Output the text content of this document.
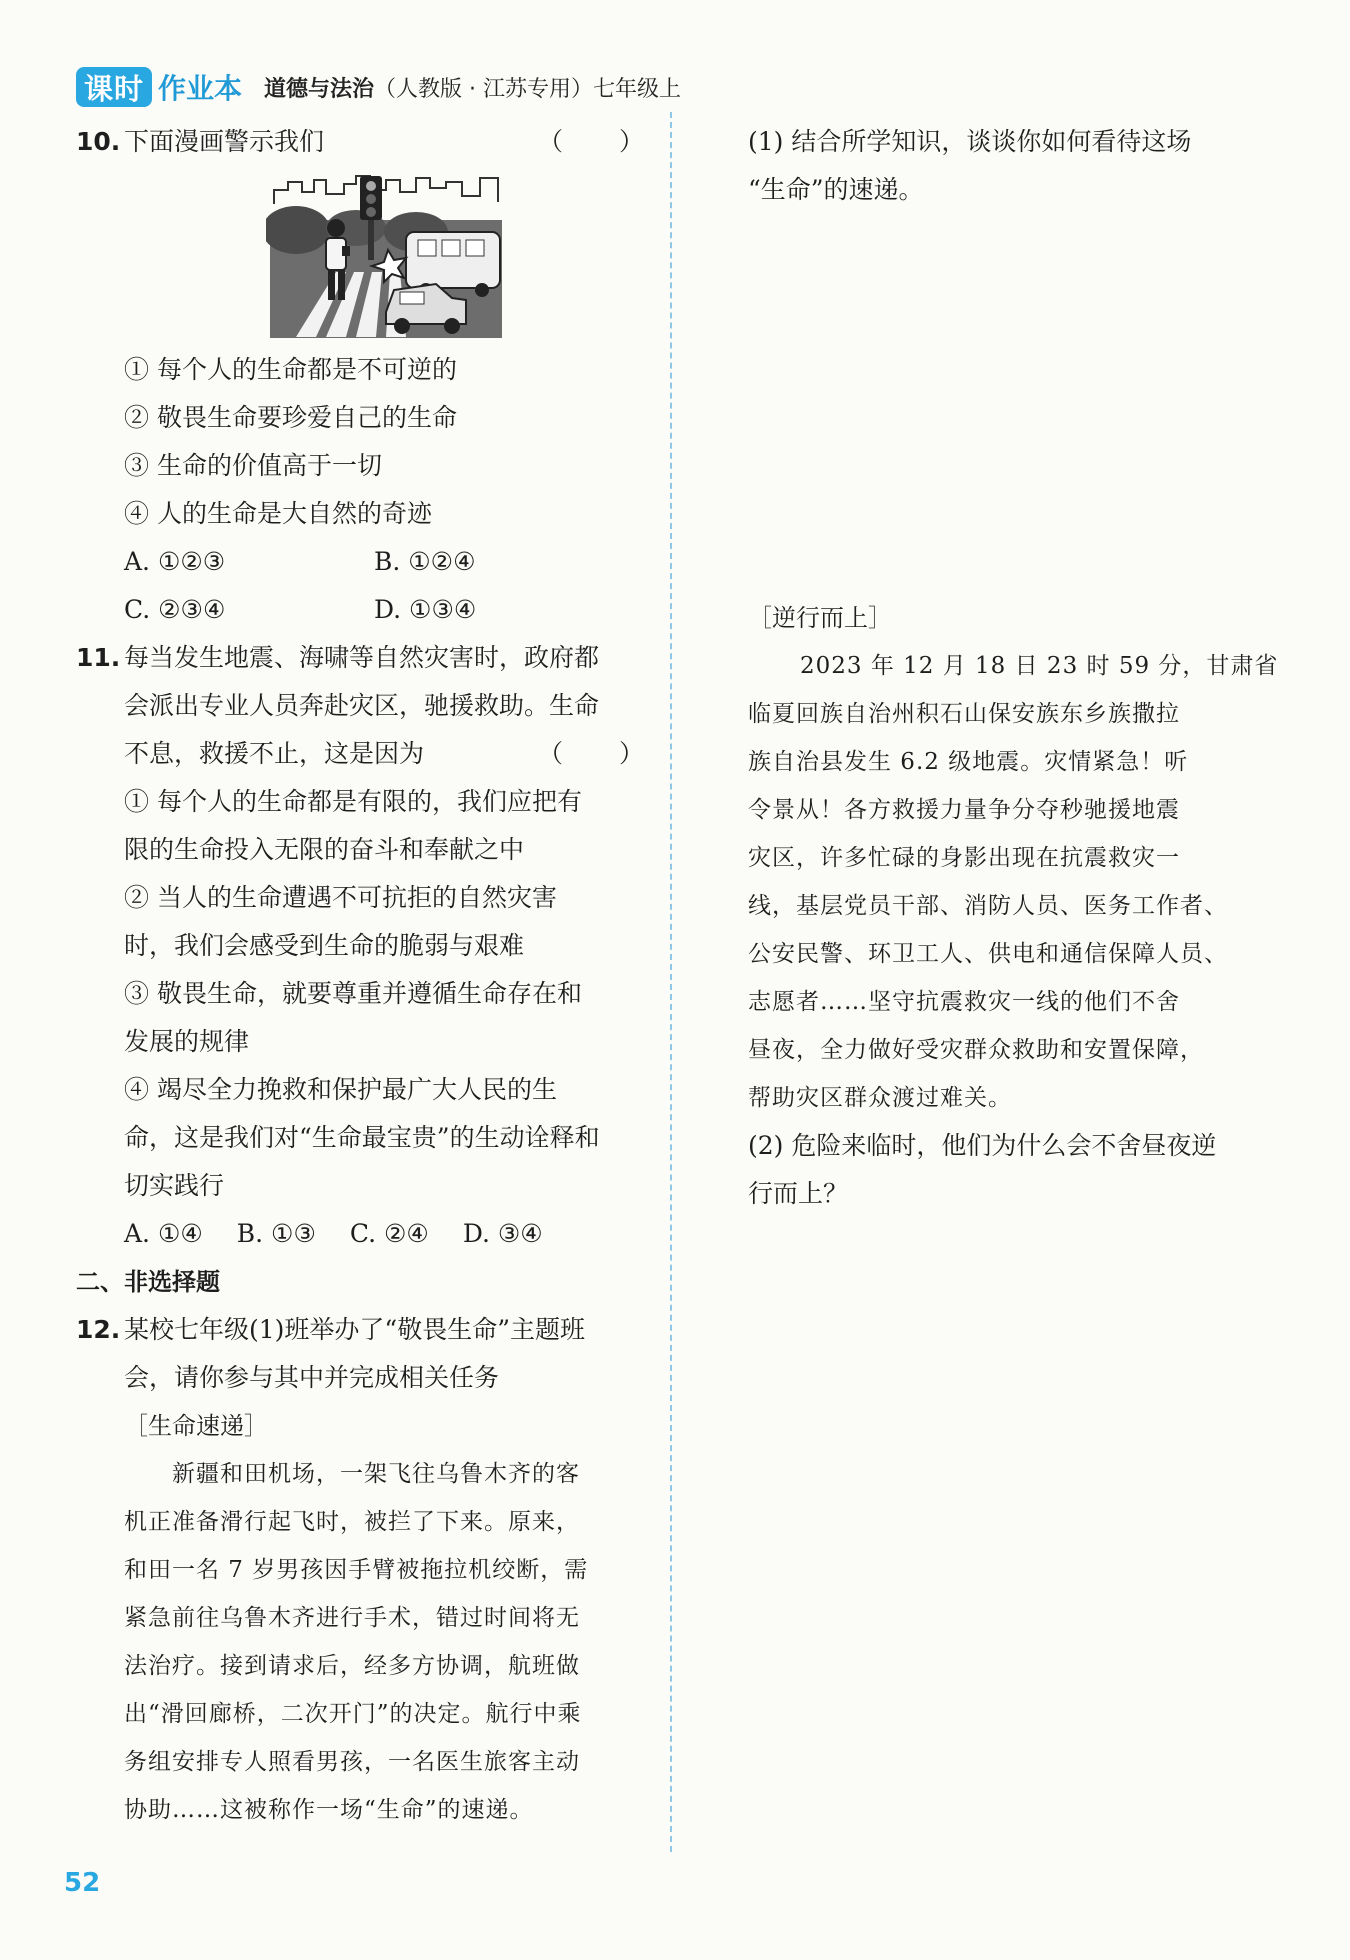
课时 作业本 道德与法治（人教版 · 江苏专用）七年级上
10. 下面漫画警示我们	（　　）
① 每个人的生命都是不可逆的
② 敬畏生命要珍爱自己的生命
③ 生命的价值高于一切
④ 人的生命是大自然的奇迹
A. ①②③	B. ①②④
C. ②③④	D. ①③④
11. 每当发生地震、海啸等自然灾害时，政府都
会派出专业人员奔赴灾区，驰援救助。生命
不息，救援不止，这是因为	（　　）
① 每个人的生命都是有限的，我们应把有
限的生命投入无限的奋斗和奉献之中
② 当人的生命遭遇不可抗拒的自然灾害
时，我们会感受到生命的脆弱与艰难
③ 敬畏生命，就要尊重并遵循生命存在和
发展的规律
④ 竭尽全力挽救和保护最广大人民的生
命，这是我们对“生命最宝贵”的生动诠释和
切实践行
A. ①④ B. ①③ C. ②④ D. ③④
二、非选择题
12. 某校七年级(1)班举办了“敬畏生命”主题班
会，请你参与其中并完成相关任务
［生命速递］
新疆和田机场，一架飞往乌鲁木齐的客
机正准备滑行起飞时，被拦了下来。原来，
和田一名 7 岁男孩因手臂被拖拉机绞断，需
紧急前往乌鲁木齐进行手术，错过时间将无
法治疗。接到请求后，经多方协调，航班做
出“滑回廊桥，二次开门”的决定。航行中乘
务组安排专人照看男孩，一名医生旅客主动
协助……这被称作一场“生命”的速递。
(1) 结合所学知识，谈谈你如何看待这场
“生命”的速递。
［逆行而上］
2023 年 12 月 18 日 23 时 59 分，甘肃省
临夏回族自治州积石山保安族东乡族撒拉
族自治县发生 6.2 级地震。灾情紧急！听
令景从！各方救援力量争分夺秒驰援地震
灾区，许多忙碌的身影出现在抗震救灾一
线，基层党员干部、消防人员、医务工作者、
公安民警、环卫工人、供电和通信保障人员、
志愿者……坚守抗震救灾一线的他们不舍
昼夜，全力做好受灾群众救助和安置保障，
帮助灾区群众渡过难关。
(2) 危险来临时，他们为什么会不舍昼夜逆
行而上？
52
